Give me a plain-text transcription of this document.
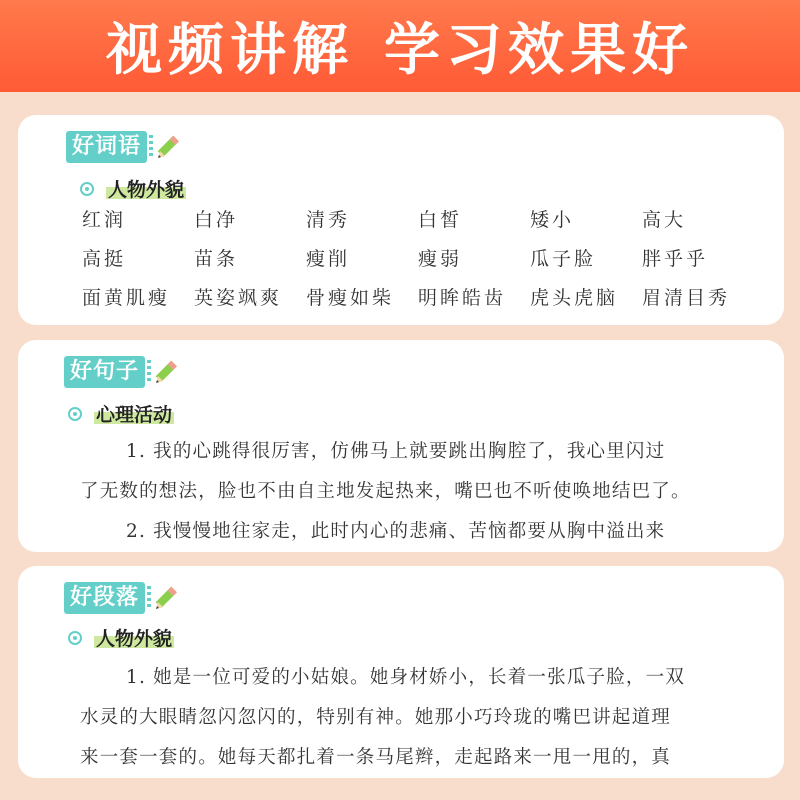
视频讲解 学习效果好
好词语
人物外貌
红润	白净	清秀	白皙	矮小	高大
高挺	苗条	瘦削	瘦弱	瓜子脸	胖乎乎
面黄肌瘦	英姿飒爽	骨瘦如柴	明眸皓齿	虎头虎脑	眉清目秀
好句子
心理活动
1. 我的心跳得很厉害，仿佛马上就要跳出胸腔了，我心里闪过
了无数的想法，脸也不由自主地发起热来，嘴巴也不听使唤地结巴了。
2. 我慢慢地往家走，此时内心的悲痛、苦恼都要从胸中溢出来
好段落
人物外貌
1. 她是一位可爱的小姑娘。她身材娇小，长着一张瓜子脸，一双
水灵的大眼睛忽闪忽闪的，特别有神。她那小巧玲珑的嘴巴讲起道理
来一套一套的。她每天都扎着一条马尾辫，走起路来一甩一甩的，真
